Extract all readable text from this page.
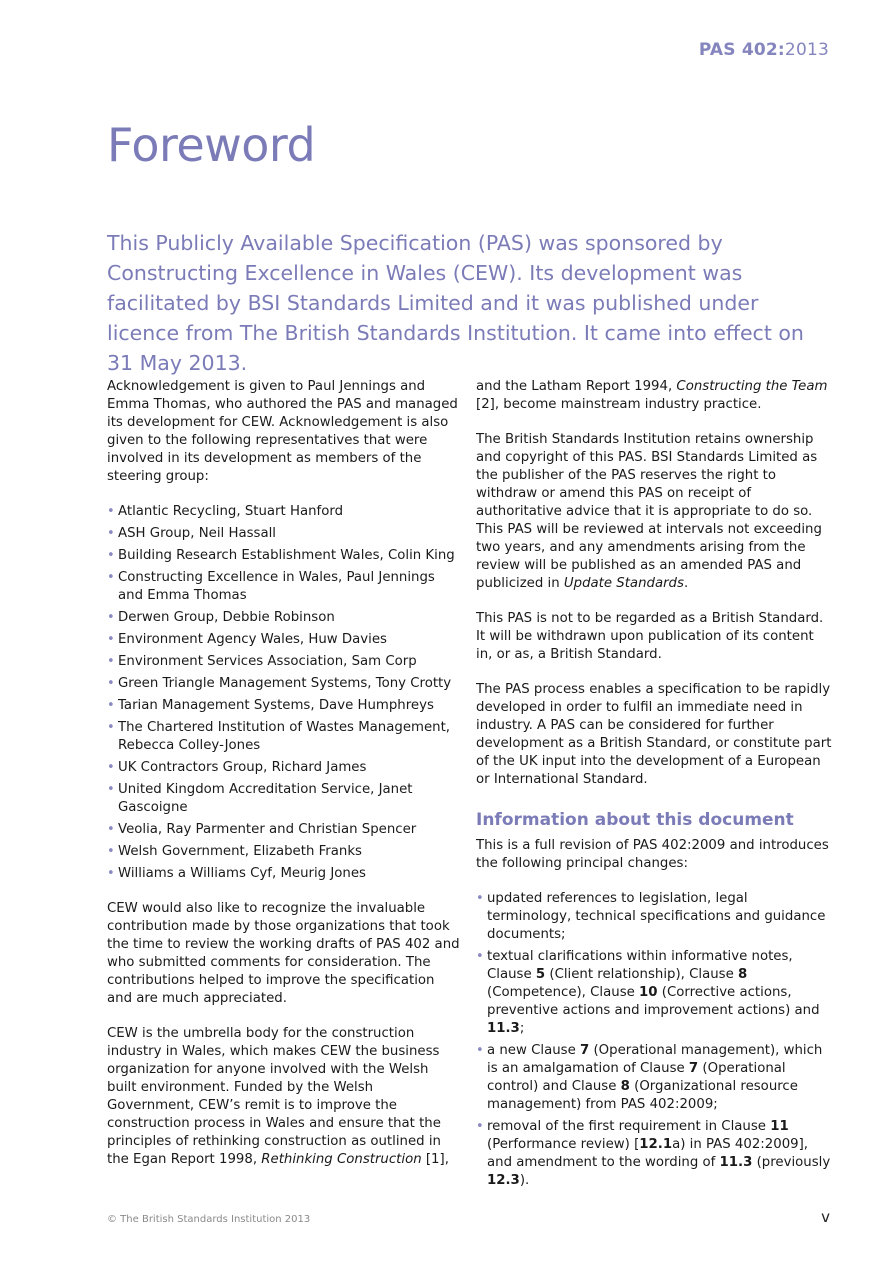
PAS 402:2013
Foreword

This Publicly Available Specification (PAS) was sponsored by Constructing Excellence in Wales (CEW). Its development was facilitated by BSI Standards Limited and it was published under licence from The British Standards Institution. It came into effect on 31 May 2013.

Acknowledgement is given to Paul Jennings and Emma Thomas, who authored the PAS and managed its development for CEW. Acknowledgement is also given to the following representatives that were involved in its development as members of the steering group:

• Atlantic Recycling, Stuart Hanford
• ASH Group, Neil Hassall
• Building Research Establishment Wales, Colin King
• Constructing Excellence in Wales, Paul Jennings and Emma Thomas
• Derwen Group, Debbie Robinson
• Environment Agency Wales, Huw Davies
• Environment Services Association, Sam Corp
• Green Triangle Management Systems, Tony Crotty
• Tarian Management Systems, Dave Humphreys
• The Chartered Institution of Wastes Management, Rebecca Colley-Jones
• UK Contractors Group, Richard James
• United Kingdom Accreditation Service, Janet Gascoigne
• Veolia, Ray Parmenter and Christian Spencer
• Welsh Government, Elizabeth Franks
• Williams a Williams Cyf, Meurig Jones

CEW would also like to recognize the invaluable contribution made by those organizations that took the time to review the working drafts of PAS 402 and who submitted comments for consideration. The contributions helped to improve the specification and are much appreciated.

CEW is the umbrella body for the construction industry in Wales, which makes CEW the business organization for anyone involved with the Welsh built environment. Funded by the Welsh Government, CEW’s remit is to improve the construction process in Wales and ensure that the principles of rethinking construction as outlined in the Egan Report 1998, Rethinking Construction [1],

and the Latham Report 1994, Constructing the Team [2], become mainstream industry practice.

The British Standards Institution retains ownership and copyright of this PAS. BSI Standards Limited as the publisher of the PAS reserves the right to withdraw or amend this PAS on receipt of authoritative advice that it is appropriate to do so. This PAS will be reviewed at intervals not exceeding two years, and any amendments arising from the review will be published as an amended PAS and publicized in Update Standards.

This PAS is not to be regarded as a British Standard. It will be withdrawn upon publication of its content in, or as, a British Standard.

The PAS process enables a specification to be rapidly developed in order to fulfil an immediate need in industry. A PAS can be considered for further development as a British Standard, or constitute part of the UK input into the development of a European or International Standard.

Information about this document

This is a full revision of PAS 402:2009 and introduces the following principal changes:

• updated references to legislation, legal terminology, technical specifications and guidance documents;
• textual clarifications within informative notes, Clause 5 (Client relationship), Clause 8 (Competence), Clause 10 (Corrective actions, preventive actions and improvement actions) and 11.3;
• a new Clause 7 (Operational management), which is an amalgamation of Clause 7 (Operational control) and Clause 8 (Organizational resource management) from PAS 402:2009;
• removal of the first requirement in Clause 11 (Performance review) [12.1a) in PAS 402:2009], and amendment to the wording of 11.3 (previously 12.3).
© The British Standards Institution 2013	v
